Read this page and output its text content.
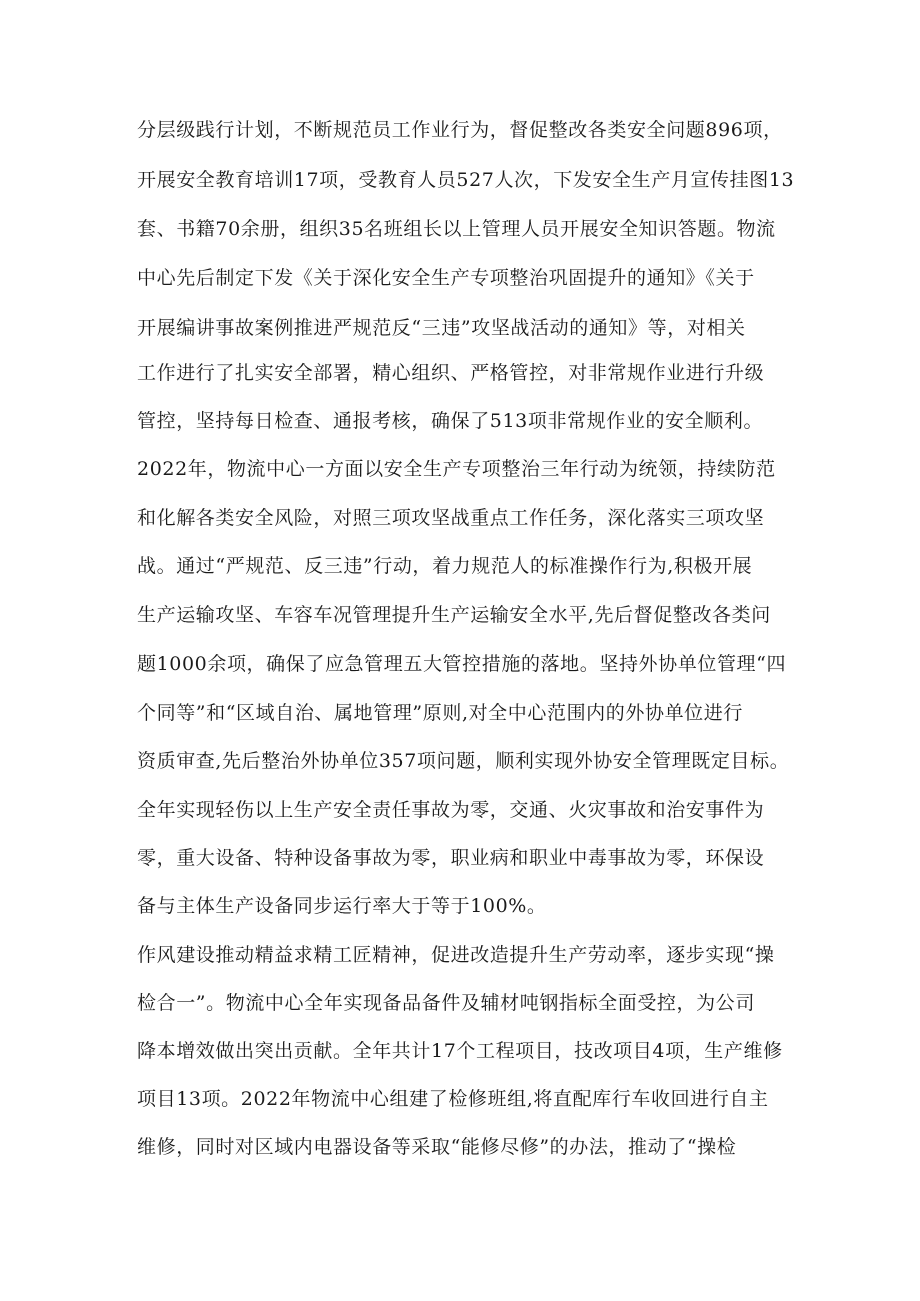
分层级践行计划，不断规范员工作业行为，督促整改各类安全问题896项，
开展安全教育培训17项，受教育人员527人次，下发安全生产月宣传挂图13
套、书籍70余册，组织35名班组长以上管理人员开展安全知识答题。物流
中心先后制定下发《关于深化安全生产专项整治巩固提升的通知》《关于
开展编讲事故案例推进严规范反“三违”攻坚战活动的通知》等，对相关
工作进行了扎实安全部署，精心组织、严格管控，对非常规作业进行升级
管控，坚持每日检查、通报考核，确保了513项非常规作业的安全顺利。
2022年，物流中心一方面以安全生产专项整治三年行动为统领，持续防范
和化解各类安全风险，对照三项攻坚战重点工作任务，深化落实三项攻坚
战。通过“严规范、反三违”行动，着力规范人的标准操作行为,积极开展
生产运输攻坚、车容车况管理提升生产运输安全水平,先后督促整改各类问
题1000余项，确保了应急管理五大管控措施的落地。坚持外协单位管理“四
个同等”和“区域自治、属地管理”原则,对全中心范围内的外协单位进行
资质审查,先后整治外协单位357项问题，顺利实现外协安全管理既定目标。
全年实现轻伤以上生产安全责任事故为零，交通、火灾事故和治安事件为
零，重大设备、特种设备事故为零，职业病和职业中毒事故为零，环保设
备与主体生产设备同步运行率大于等于100%。
作风建设推动精益求精工匠精神，促进改造提升生产劳动率，逐步实现“操
检合一”。物流中心全年实现备品备件及辅材吨钢指标全面受控，为公司
降本增效做出突出贡献。全年共计17个工程项目，技改项目4项，生产维修
项目13项。2022年物流中心组建了检修班组,将直配库行车收回进行自主
维修，同时对区域内电器设备等采取“能修尽修”的办法，推动了“操检
